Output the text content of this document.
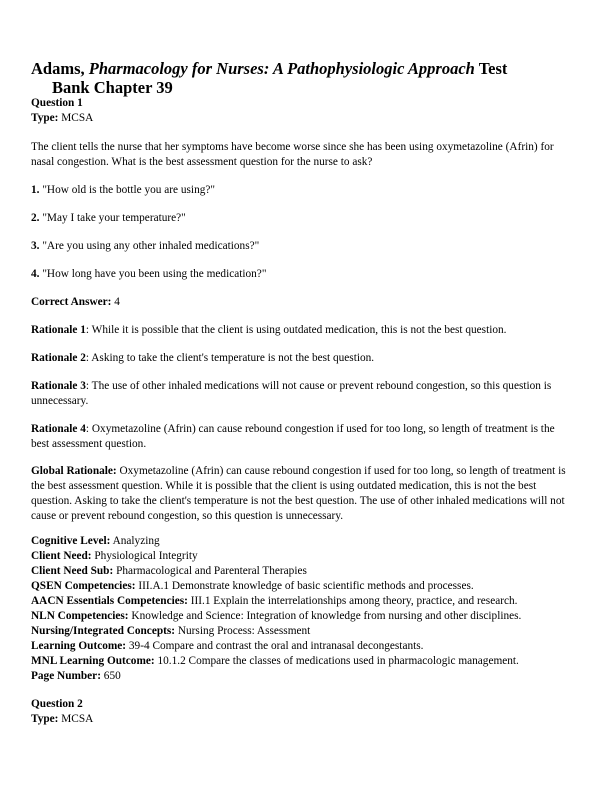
Adams, Pharmacology for Nurses: A Pathophysiologic Approach Test
Bank Chapter 39
Question 1
Type: MCSA
The client tells the nurse that her symptoms have become worse since she has been using oxymetazoline (Afrin) for nasal congestion. What is the best assessment question for the nurse to ask?
1. "How old is the bottle you are using?"
2. "May I take your temperature?"
3. "Are you using any other inhaled medications?"
4. "How long have you been using the medication?"
Correct Answer: 4
Rationale 1: While it is possible that the client is using outdated medication, this is not the best question.
Rationale 2: Asking to take the client's temperature is not the best question.
Rationale 3: The use of other inhaled medications will not cause or prevent rebound congestion, so this question is unnecessary.
Rationale 4: Oxymetazoline (Afrin) can cause rebound congestion if used for too long, so length of treatment is the best assessment question.
Global Rationale: Oxymetazoline (Afrin) can cause rebound congestion if used for too long, so length of treatment is the best assessment question. While it is possible that the client is using outdated medication, this is not the best question. Asking to take the client's temperature is not the best question. The use of other inhaled medications will not cause or prevent rebound congestion, so this question is unnecessary.
Cognitive Level: Analyzing
Client Need: Physiological Integrity
Client Need Sub: Pharmacological and Parenteral Therapies
QSEN Competencies: III.A.1 Demonstrate knowledge of basic scientific methods and processes.
AACN Essentials Competencies: III.1 Explain the interrelationships among theory, practice, and research.
NLN Competencies: Knowledge and Science: Integration of knowledge from nursing and other disciplines.
Nursing/Integrated Concepts: Nursing Process: Assessment
Learning Outcome: 39-4 Compare and contrast the oral and intranasal decongestants.
MNL Learning Outcome: 10.1.2 Compare the classes of medications used in pharmacologic management.
Page Number: 650
Question 2
Type: MCSA
